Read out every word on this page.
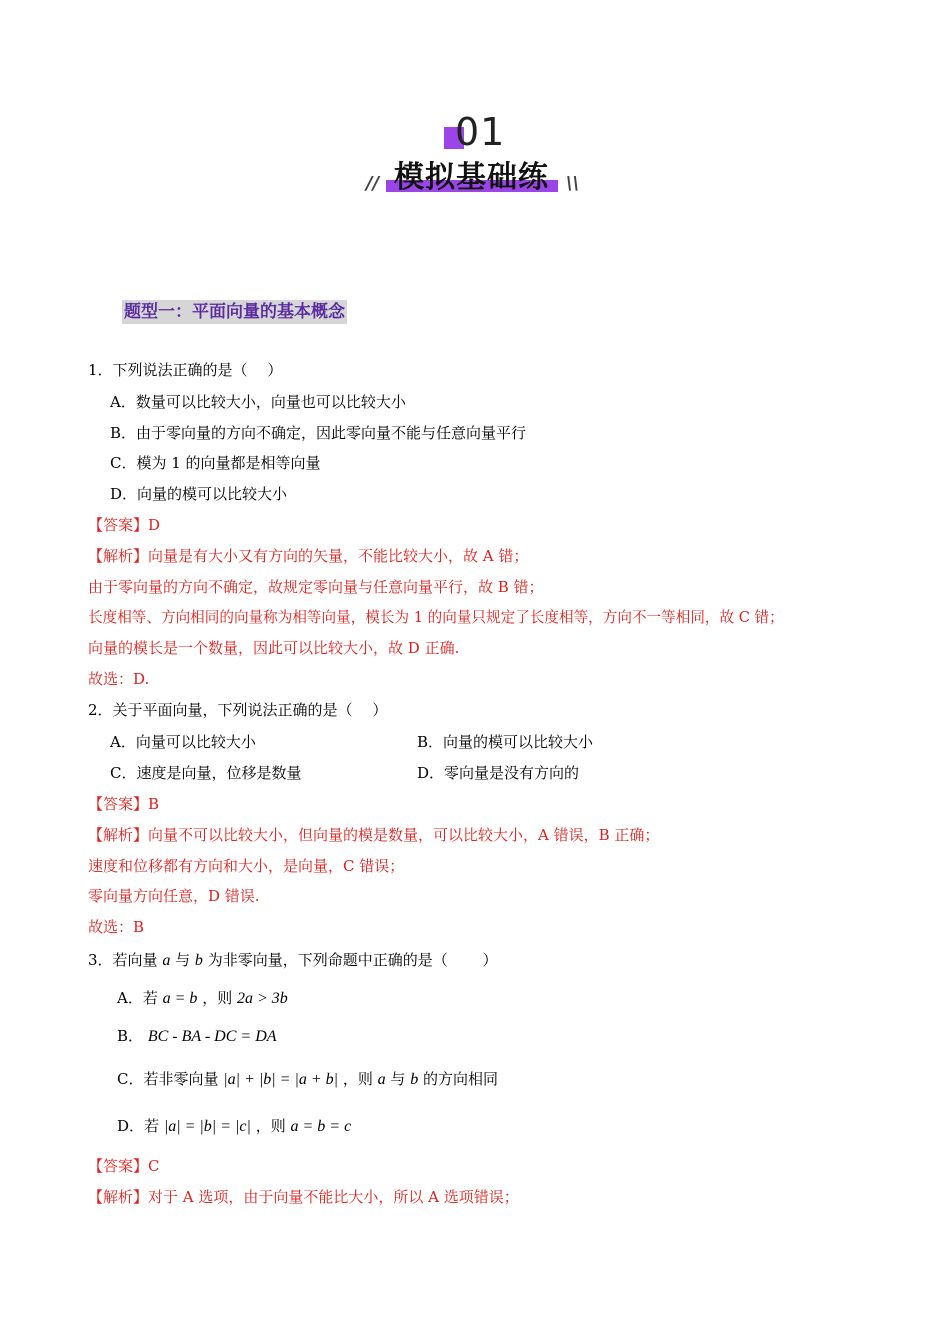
01
// 模拟基础练 \\
题型一：平面向量的基本概念
1．下列说法正确的是（　 ）
A．数量可以比较大小，向量也可以比较大小
B．由于零向量的方向不确定，因此零向量不能与任意向量平行
C．模为 1 的向量都是相等向量
D．向量的模可以比较大小
【答案】D
【解析】向量是有大小又有方向的矢量，不能比较大小，故 A 错；
由于零向量的方向不确定，故规定零向量与任意向量平行，故 B 错；
长度相等、方向相同的向量称为相等向量，模长为 1 的向量只规定了长度相等，方向不一等相同，故 C 错；
向量的模长是一个数量，因此可以比较大小，故 D 正确.
故选：D.
2．关于平面向量，下列说法正确的是（　 ）
A．向量可以比较大小	B．向量的模可以比较大小
C．速度是向量，位移是数量	D．零向量是没有方向的
【答案】B
【解析】向量不可以比较大小，但向量的模是数量，可以比较大小，A 错误，B 正确；
速度和位移都有方向和大小，是向量，C 错误；
零向量方向任意，D 错误.
故选：B
3．若向量 a 与 b 为非零向量，下列命题中正确的是（　　 ）
A．若 a = b ，则 2a > 3b
B． BC - BA - DC = DA
C．若非零向量 |a| + |b| = |a + b| ，则 a 与 b 的方向相同
D．若 |a| = |b| = |c| ，则 a = b = c
【答案】C
【解析】对于 A 选项，由于向量不能比大小，所以 A 选项错误；
